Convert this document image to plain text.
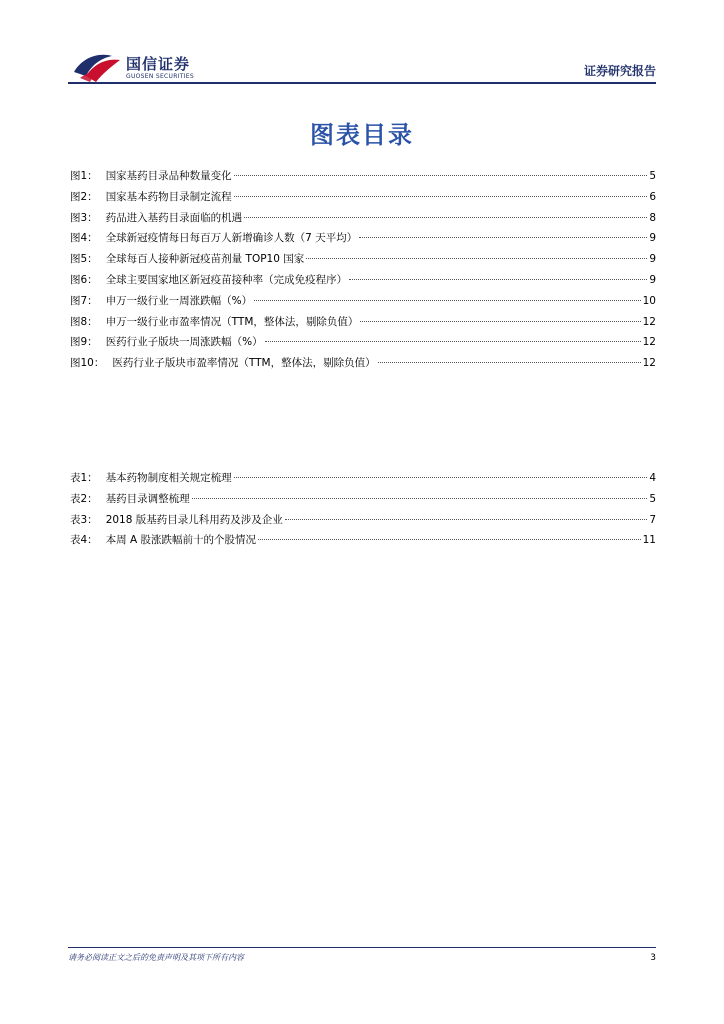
国信证券
GUOSEN SECURITIES	证券研究报告
图表目录
图1： 国家基药目录品种数量变化	5
图2： 国家基本药物目录制定流程	6
图3： 药品进入基药目录面临的机遇	8
图4： 全球新冠疫情每日每百万人新增确诊人数（7 天平均）	9
图5： 全球每百人接种新冠疫苗剂量 TOP10 国家	9
图6： 全球主要国家地区新冠疫苗接种率（完成免疫程序）	9
图7： 申万一级行业一周涨跌幅（%）	10
图8： 申万一级行业市盈率情况（TTM，整体法，剔除负值）	12
图9： 医药行业子版块一周涨跌幅（%）	12
图10： 医药行业子版块市盈率情况（TTM，整体法，剔除负值）	12
表1： 基本药物制度相关规定梳理	4
表2： 基药目录调整梳理	5
表3： 2018 版基药目录儿科用药及涉及企业	7
表4： 本周 A 股涨跌幅前十的个股情况	11
请务必阅读正文之后的免责声明及其项下所有内容	3
